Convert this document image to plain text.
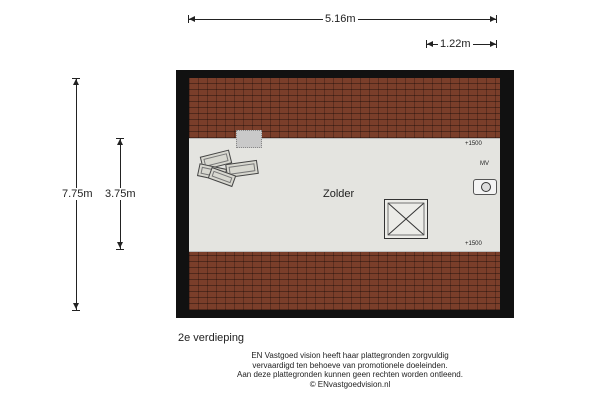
5.16m
1.22m
7.75m 3.75m	Zolder
+1500
+1500
MV
2e verdieping
EN Vastgoed vision heeft haar plattegronden zorgvuldig
vervaardigd ten behoeve van promotionele doeleinden.
Aan deze plattegronden kunnen geen rechten worden ontleend.
© ENvastgoedvision.nl
